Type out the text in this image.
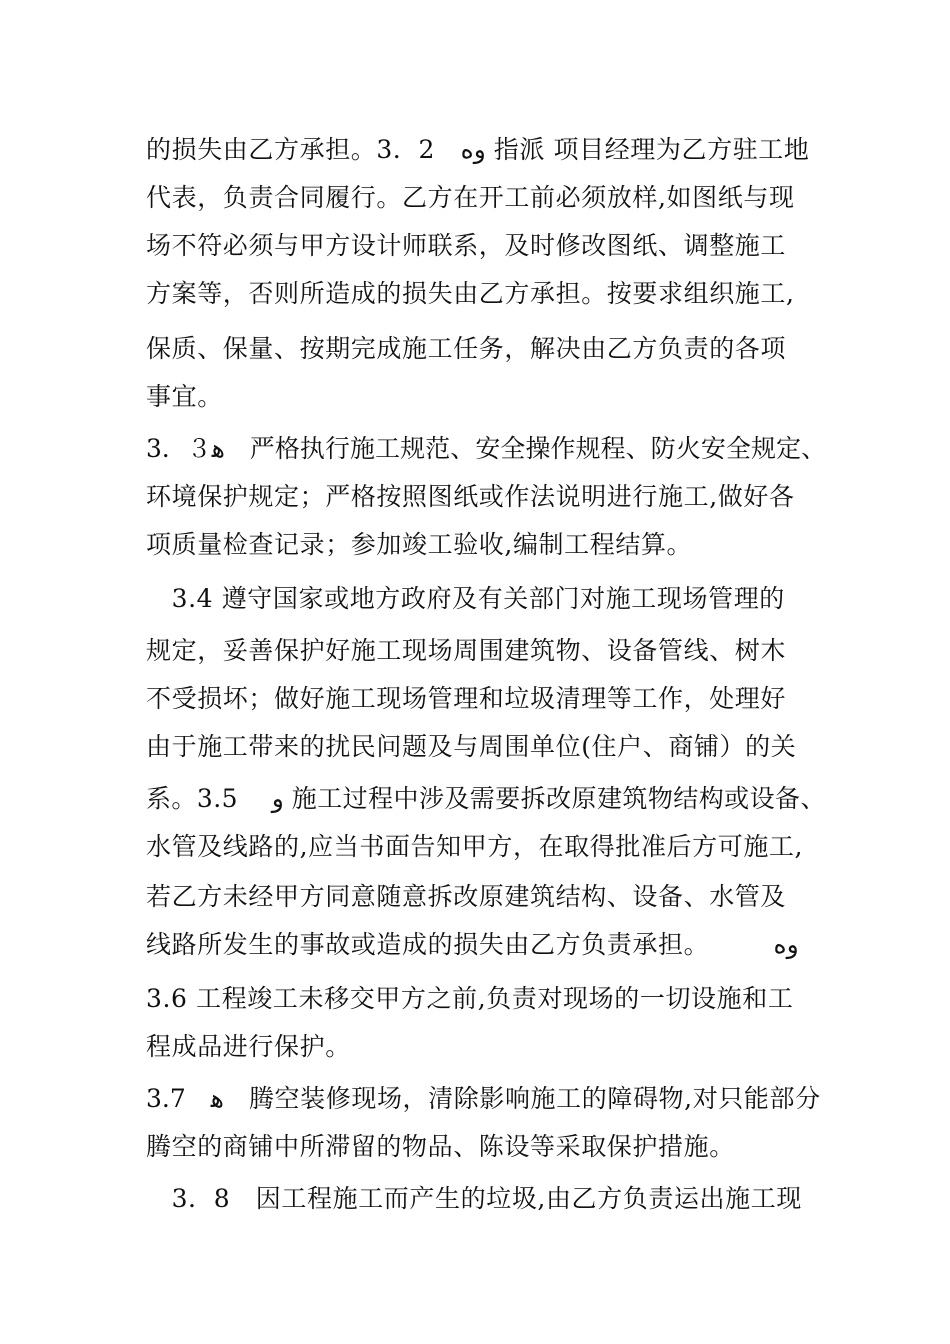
的损失由乙方承担。3．2　ﻭﻩ 指派 项目经理为乙方驻工地
代表，负责合同履行。乙方在开工前必须放样,如图纸与现
场不符必须与甲方设计师联系，及时修改图纸、调整施工
方案等，否则所造成的损失由乙方承担。按要求组织施工,
保质、保量、按期完成施工任务，解决由乙方负责的各项
事宜。
3．３ﻫ　严格执行施工规范、安全操作规程、防火安全规定、
环境保护规定；严格按照图纸或作法说明进行施工,做好各
项质量检查记录；参加竣工验收,编制工程结算。
　3.4 遵守国家或地方政府及有关部门对施工现场管理的
规定，妥善保护好施工现场周围建筑物、设备管线、树木
不受损坏；做好施工现场管理和垃圾清理等工作，处理好
由于施工带来的扰民问题及与周围单位(住户、商铺）的关
系。3.5　 ﻭ 施工过程中涉及需要拆改原建筑物结构或设备、
水管及线路的,应当书面告知甲方，在取得批准后方可施工,
若乙方未经甲方同意随意拆改原建筑结构、设备、水管及
线路所发生的事故或造成的损失由乙方负责承担。　　　ﻭﻩ
3.6 工程竣工未移交甲方之前,负责对现场的一切设施和工
程成品进行保护。
3.7　ﻫ　腾空装修现场，清除影响施工的障碍物,对只能部分
腾空的商铺中所滞留的物品、陈设等采取保护措施。
　3．8　因工程施工而产生的垃圾,由乙方负责运出施工现
